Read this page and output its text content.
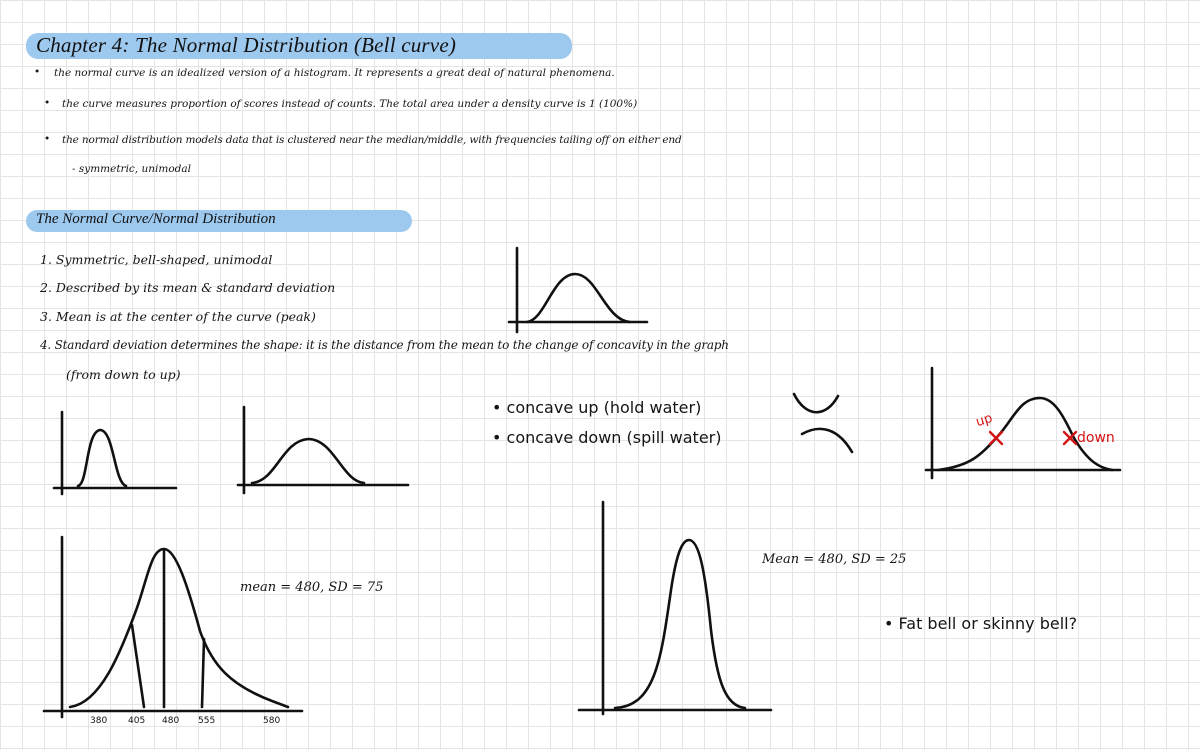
Chapter 4: The Normal Distribution (Bell curve)

• the normal curve is an idealized version of a histogram. It represents a great deal of natural phenomena.

• the curve measures proportion of scores instead of counts. The total area under a density curve is 1 (100%)

• the normal distribution models data that is clustered near the median/middle, with frequencies tailing off on either end

- symmetric, unimodal

The Normal Curve/Normal Distribution

1. Symmetric, bell-shaped, unimodal

2. Described by its mean & standard deviation

3. Mean is at the center of the curve (peak)

4. Standard deviation determines the shape: it is the distance from the mean to the change of concavity in the graph

(from down to up)

• concave up (hold water)

• concave down (spill water)

up

down

380 405 480 555	580

mean = 480, SD = 75

Mean = 480, SD = 25

• Fat bell or skinny bell?
